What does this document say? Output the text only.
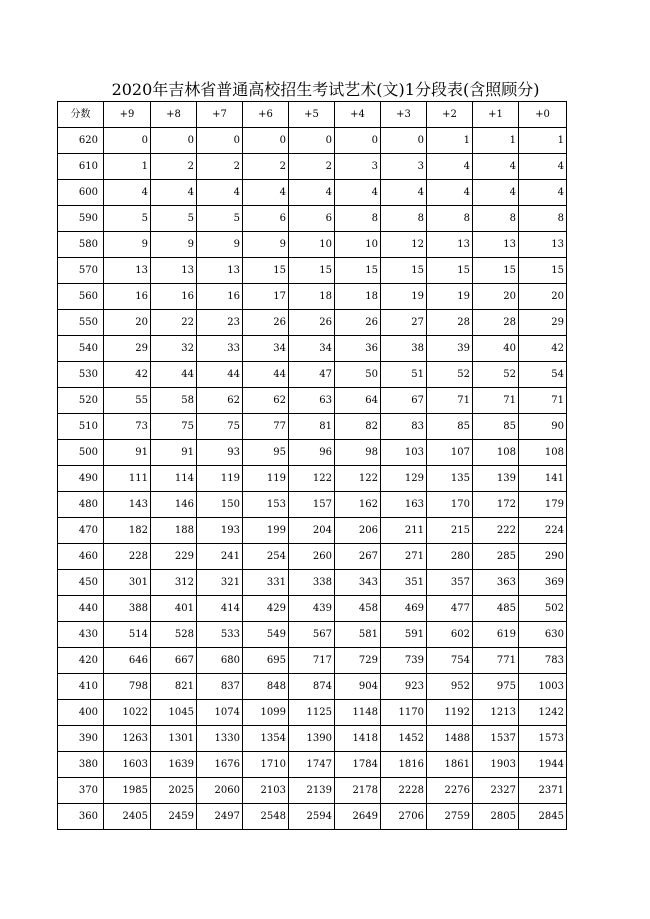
2020年吉林省普通高校招生考试艺术(文)1分段表(含照顾分)
分数	+9	+8	+7	+6	+5	+4	+3	+2	+1	+0
620	0	0	0	0	0	0	0	1	1	1
610	1	2	2	2	2	3	3	4	4	4
600	4	4	4	4	4	4	4	4	4	4
590	5	5	5	6	6	8	8	8	8	8
580	9	9	9	9	10	10	12	13	13	13
570	13	13	13	15	15	15	15	15	15	15
560	16	16	16	17	18	18	19	19	20	20
550	20	22	23	26	26	26	27	28	28	29
540	29	32	33	34	34	36	38	39	40	42
530	42	44	44	44	47	50	51	52	52	54
520	55	58	62	62	63	64	67	71	71	71
510	73	75	75	77	81	82	83	85	85	90
500	91	91	93	95	96	98	103	107	108	108
490	111	114	119	119	122	122	129	135	139	141
480	143	146	150	153	157	162	163	170	172	179
470	182	188	193	199	204	206	211	215	222	224
460	228	229	241	254	260	267	271	280	285	290
450	301	312	321	331	338	343	351	357	363	369
440	388	401	414	429	439	458	469	477	485	502
430	514	528	533	549	567	581	591	602	619	630
420	646	667	680	695	717	729	739	754	771	783
410	798	821	837	848	874	904	923	952	975	1003
400	1022	1045	1074	1099	1125	1148	1170	1192	1213	1242
390	1263	1301	1330	1354	1390	1418	1452	1488	1537	1573
380	1603	1639	1676	1710	1747	1784	1816	1861	1903	1944
370	1985	2025	2060	2103	2139	2178	2228	2276	2327	2371
360	2405	2459	2497	2548	2594	2649	2706	2759	2805	2845
